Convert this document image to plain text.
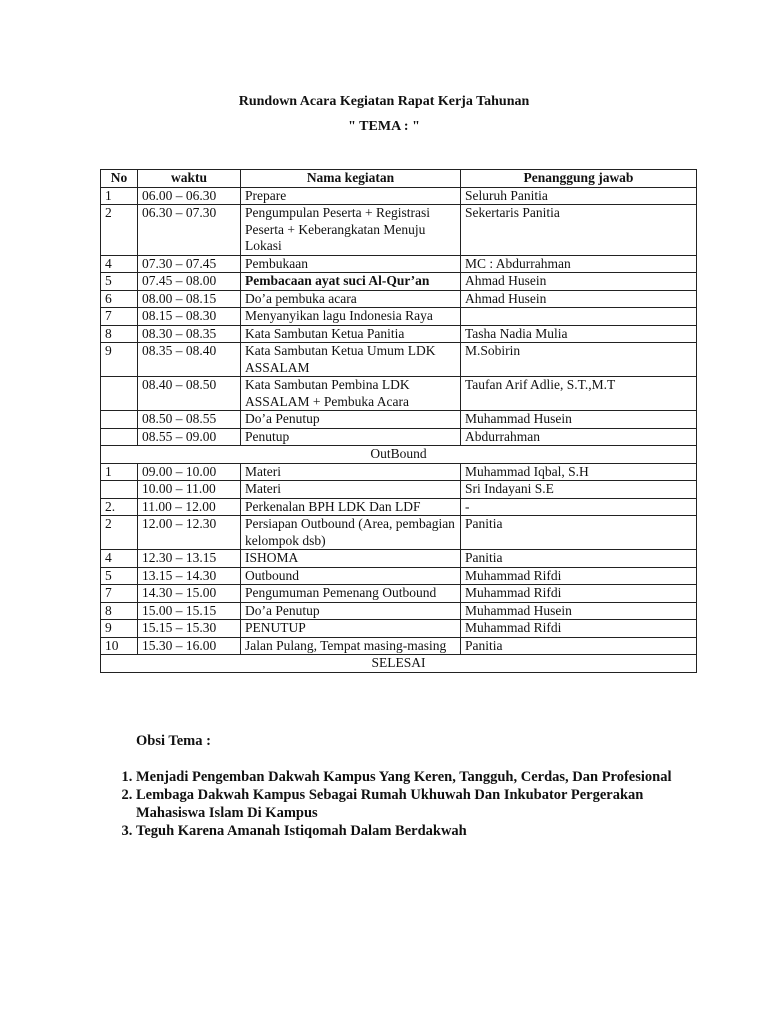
Rundown Acara Kegiatan Rapat Kerja Tahunan
" TEMA : "
No	waktu	Nama kegiatan	Penanggung jawab
1	06.00 – 06.30	Prepare	Seluruh Panitia
2	06.30 – 07.30	Pengumpulan Peserta + Registrasi Peserta + Keberangkatan Menuju Lokasi	Sekertaris Panitia
4	07.30 – 07.45	Pembukaan	MC : Abdurrahman
5	07.45 – 08.00	Pembacaan ayat suci Al-Qur’an	Ahmad Husein
6	08.00 – 08.15	Do’a pembuka acara	Ahmad Husein
7	08.15 – 08.30	Menyanyikan lagu Indonesia Raya	
8	08.30 – 08.35	Kata Sambutan Ketua Panitia	Tasha Nadia Mulia
9	08.35 – 08.40	Kata Sambutan Ketua Umum LDK ASSALAM	M.Sobirin
	08.40 – 08.50	Kata Sambutan Pembina LDK ASSALAM + Pembuka Acara	Taufan Arif Adlie, S.T.,M.T
	08.50 – 08.55	Do’a Penutup	Muhammad Husein
	08.55 – 09.00	Penutup	Abdurrahman
OutBound			
1	09.00 – 10.00	Materi	Muhammad Iqbal, S.H
	10.00 – 11.00	Materi	Sri Indayani S.E
2.	11.00 – 12.00	Perkenalan BPH LDK Dan LDF	-
2	12.00 – 12.30	Persiapan Outbound (Area, pembagian kelompok dsb)	Panitia
4	12.30 – 13.15	ISHOMA	Panitia
5	13.15 – 14.30	Outbound	Muhammad Rifdi
7	14.30 – 15.00	Pengumuman Pemenang Outbound	Muhammad Rifdi
8	15.00 – 15.15	Do’a Penutup	Muhammad Husein
9	15.15 – 15.30	PENUTUP	Muhammad Rifdi
10	15.30 – 16.00	Jalan Pulang, Tempat masing-masing	Panitia
SELESAI			
Obsi Tema :
1. Menjadi Pengemban Dakwah Kampus Yang Keren, Tangguh, Cerdas, Dan Profesional
2. Lembaga Dakwah Kampus Sebagai Rumah Ukhuwah Dan Inkubator Pergerakan Mahasiswa Islam Di Kampus
3. Teguh Karena Amanah Istiqomah Dalam Berdakwah
